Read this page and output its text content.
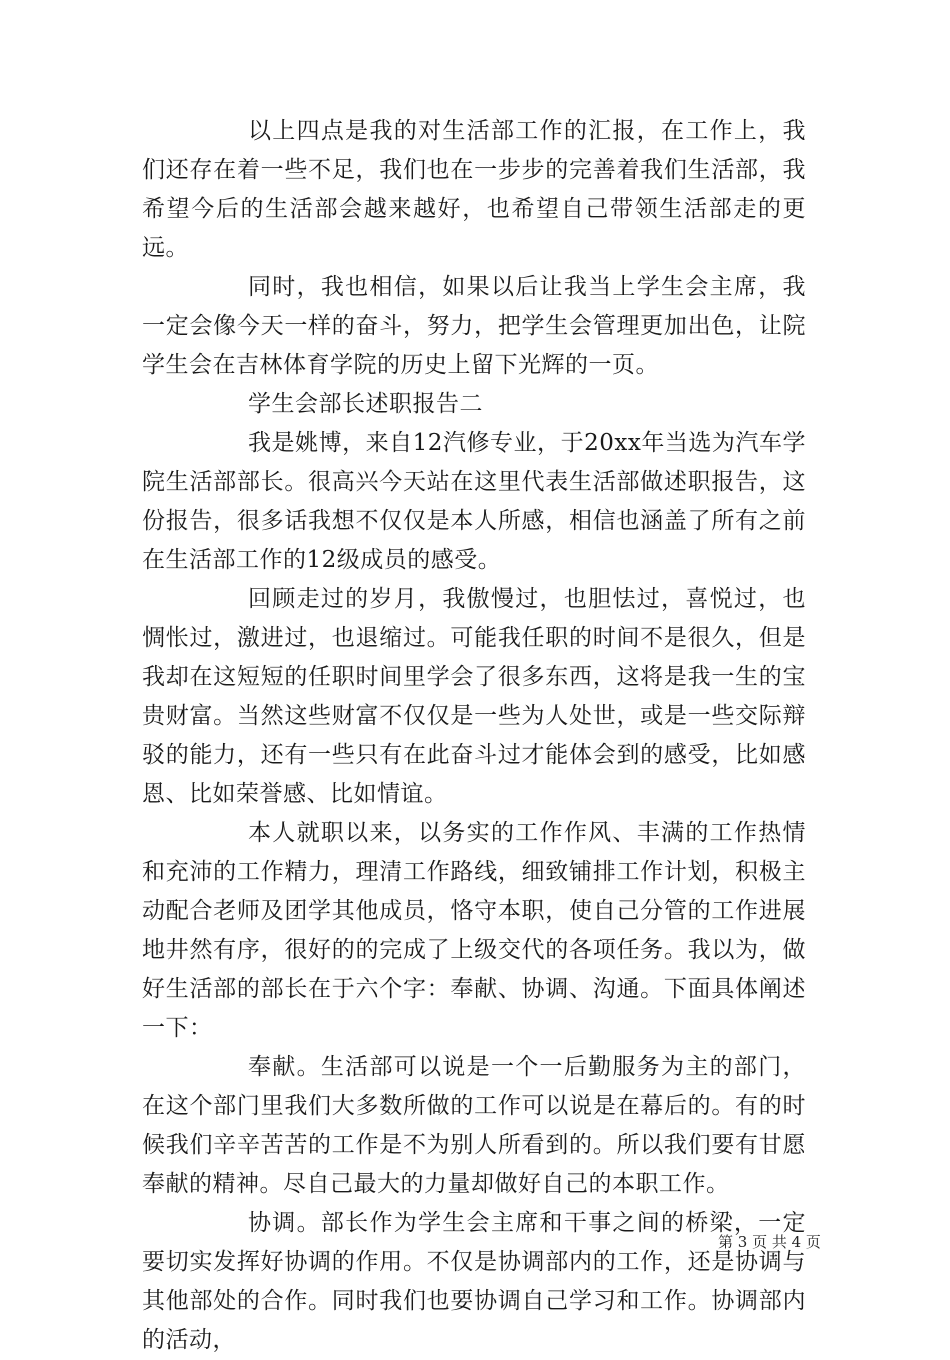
以上四点是我的对生活部工作的汇报，在工作上，我们还存在着一些不足，我们也在一步步的完善着我们生活部，我希望今后的生活部会越来越好，也希望自己带领生活部走的更远。

同时，我也相信，如果以后让我当上学生会主席，我一定会像今天一样的奋斗，努力，把学生会管理更加出色，让院学生会在吉林体育学院的历史上留下光辉的一页。

学生会部长述职报告二

我是姚博，来自12汽修专业，于20xx年当选为汽车学院生活部部长。很高兴今天站在这里代表生活部做述职报告，这份报告，很多话我想不仅仅是本人所感，相信也涵盖了所有之前在生活部工作的12级成员的感受。

回顾走过的岁月，我傲慢过，也胆怯过，喜悦过，也惆怅过，激进过，也退缩过。可能我任职的时间不是很久，但是我却在这短短的任职时间里学会了很多东西，这将是我一生的宝贵财富。当然这些财富不仅仅是一些为人处世，或是一些交际辩驳的能力，还有一些只有在此奋斗过才能体会到的感受，比如感恩、比如荣誉感、比如情谊。

本人就职以来，以务实的工作作风、丰满的工作热情和充沛的工作精力，理清工作路线，细致铺排工作计划，积极主动配合老师及团学其他成员，恪守本职，使自己分管的工作进展地井然有序，很好的的完成了上级交代的各项任务。我以为，做好生活部的部长在于六个字：奉献、协调、沟通。下面具体阐述一下：

奉献。生活部可以说是一个一后勤服务为主的部门，在这个部门里我们大多数所做的工作可以说是在幕后的。有的时候我们辛辛苦苦的工作是不为别人所看到的。所以我们要有甘愿奉献的精神。尽自己最大的力量却做好自己的本职工作。

协调。部长作为学生会主席和干事之间的桥梁，一定要切实发挥好协调的作用。不仅是协调部内的工作，还是协调与其他部处的合作。同时我们也要协调自己学习和工作。协调部内的活动，

第 3 页 共 4 页
